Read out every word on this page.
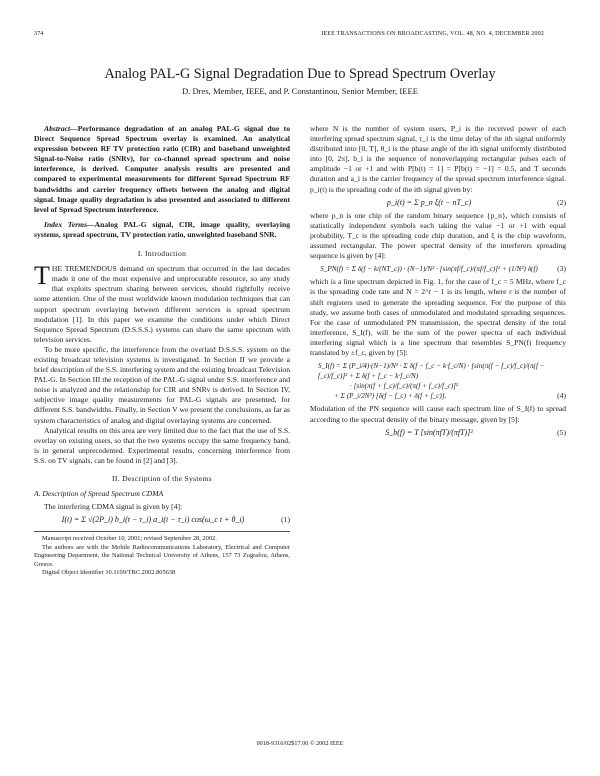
374	IEEE TRANSACTIONS ON BROADCASTING, VOL. 48, NO. 4, DECEMBER 2002
Analog PAL-G Signal Degradation Due to Spread Spectrum Overlay
D. Dres, Member, IEEE, and P. Constantinou, Senior Member, IEEE

Abstract—Performance degradation of an analog PAL-G signal due to Direct Sequence Spread Spectrum overlay is examined. An analytical expression between RF TV protection ratio (CIR) and baseband unweighted Signal-to-Noise ratio (SNRv), for co-channel spread spectrum and noise interference, is derived. Computer analysis results are presented and compared to experimental measurements for different Spread Spectrum RF bandwidths and carrier frequency offsets between the analog and digital signal. Image quality degradation is also presented and associated to different level of Spread Spectrum interference.

Index Terms—Analog PAL-G signal, CIR, image quality, overlaying systems, spread spectrum, TV protection ratio, unweighted baseband SNR.

I. Introduction

THE TREMENDOUS demand on spectrum that occurred in the last decades made it one of the most expensive and unprocurable resource, so any study that exploits spectrum sharing between services, should rightfully receive some attention. One of the most worldwide known modulation techniques that can support spectrum overlaying between different services is spread spectrum modulation [1]. In this paper we examine the conditions under which Direct Sequence Spread Spectrum (D.S.S.S.) systems can share the same spectrum with television services.

To be more specific, the interference from the overlaid D.S.S.S. system on the existing broadcast television systems is investigated. In Section II we provide a brief description of the S.S. interfering system and the existing broadcast Television PAL-G. In Section III the reception of the PAL-G signal under S.S. interference and noise is analyzed and the relationship for CIR and SNRv is derived. In Section IV, subjective image quality measurements for PAL-G signals are presented, for different S.S. bandwidths. Finally, in Section V we present the conclusions, as far as system characteristics of analog and digital overlaying systems are concerned.

Analytical results on this area are very limited due to the fact that the use of S.S. overlay on existing users, so that the two systems occupy the same frequency band, is in general unprecedented. Experimental results, concerning interference from S.S. on TV signals, can be found in [2] and [3].

II. Description of the Systems
A. Description of Spread Spectrum CDMA

The interfering CDMA signal is given by [4]:

I(t) = Σ √(2P_i) b_i(t − τ_i) a_i(t − τ_i) cos(ω_c t + θ_i)	(1)

Manuscript received October 10, 2001; revised September 28, 2002.

The authors are with the Mobile Radiocommunications Laboratory, Electrical and Computer Engineering Department, the National Technical University of Athens, 157 73 Zografou, Athens, Greece.

Digital Object Identifier 10.1109/TBC.2002.805638

where N is the number of system users, P_i is the received power of each interfering spread spectrum signal, τ_i is the time delay of the ith signal uniformly distributed into [0, T], θ_i is the phase angle of the ith signal uniformly distributed into [0, 2π], b_i is the sequence of nonoverlapping rectangular pulses each of amplitude −1 or +1 and with P[b(t) = 1] = P[b(t) = −1] = 0.5, and T seconds duration and a_i is the carrier frequency of the spread spectrum interference signal. p_i(t) is the spreading code of the ith signal given by:

p_i(t) = Σ p_n ξ(t − nT_c)	(2)

where p_n is one chip of the random binary sequence {p_n}, which consists of statistically independent symbols each taking the value −1 or +1 with equal probability, T_c is the spreading code chip duration, and ξ is the chip waveform, assumed rectangular. The power spectral density of the interferers spreading sequence is given by [4]:

S_PN(f) = Σ δ(f − k/(NT_c)) · (N−1)/N² · [sin(πf/f_c)/(πf/f_c)]² + (1/N²) δ(f)	(3)

which is a line spectrum depicted in Fig. 1, for the case of f_c = 5 MHz, where f_c is the spreading code rate and N = 2^r − 1 is its length, where r is the number of shift registers used to generate the spreading sequence. For the purpose of this study, we assume both cases of unmodulated and modulated spreading sequences. For the case of unmodulated PN transmission, the spectral density of the total interference, S_I(f), will be the sum of the power spectra of each individual interfering signal which is a line spectrum that resembles S_PN(f) frequency translated by ±f_c, given by [5]:

S_I(f) = Σ (P_i/4)·(N−1)/N² · Σ δ(f − f_c − k·f_c/N) · [sin(π(f − f_c)/f_c)/(π(f − f_c)/f_c)]² + Σ δ(f + f_c − k·f_c/N)
· [sin(π(f + f_c)/f_c)/(π(f + f_c)/f_c)]²
+ Σ (P_i/2N²) [δ(f − f_c) + δ(f + f_c)].	(4)

Modulation of the PN sequence will cause each spectrum line of S_I(f) to spread according to the spectral density of the binary message, given by [5]:

S_b(f) = T [sin(πfT)/(πfT)]²	(5)
0018-9316/02$17.00 © 2002 IEEE
